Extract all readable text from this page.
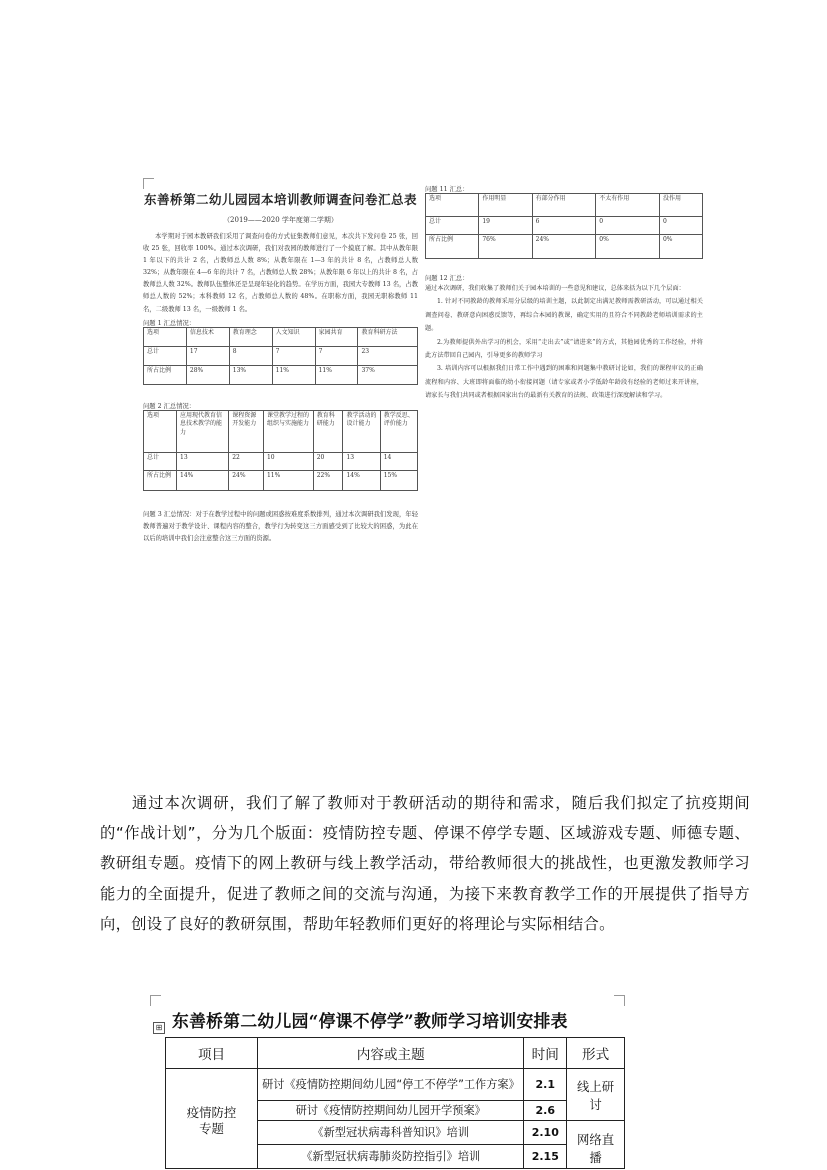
东善桥第二幼儿园园本培训教师调查问卷汇总表
（2019——2020 学年度第二学期）
本学期对于园本教研我们采用了调查问卷的方式征集教师们意见，本次共下发问卷 25 张，回收 25 张，回收率 100%。通过本次调研，我们对我园的教师进行了一个摸底了解。其中从教年限 1 年以下的共计 2 名，占教师总人数 8%；从教年限在 1—3 年的共计 8 名，占教师总人数 32%；从教年限在 4—6 年的共计 7 名，占教师总人数 28%；从教年限 6 年以上的共计 8 名，占教师总人数 32%。教师队伍整体还是呈现年轻化的趋势。在学历方面，我园大专教师 13 名，占教师总人数的 52%；本科教师 12 名，占教师总人数的 48%。在职称方面，我园无职称教师 11 名，二级教师 13 名，一级教师 1 名。
问题 1 汇总情况：
选项	信息技术	教育理念	人文知识	家园共育	教育科研方法
总计	17	8	7	7	23
所占比例	28%	13%	11%	11%	37%
问题 2 汇总情况：
选项	应用现代教育信息技术教学的能力	课程资源开发能力	课堂教学过程的组织与实施能力	教育科研能力	教学活动的设计能力	教学反思、评价能力
总计	13	22	10	20	13	14
所占比例	14%	24%	11%	22%	14%	15%
问题 3 汇总情况：对于在教学过程中的问题或困惑按难度系数排列，通过本次调研我们发现，年轻教师普遍对于教学设计、课程内容的整合，教学行为转变这三方面感受到了比较大的困惑，为此在以后的培训中我们会注意整合这三方面的资源。
问题 11 汇总：
选项	作用明显	有部分作用	不太有作用	没作用
总计	19	6	0	0
所占比例	76%	24%	0%	0%
问题 12 汇总：
通过本次调研，我们收集了教师们关于园本培训的一些意见和建议，总体来括为以下几个层面：

1. 针对不同教龄的教师采用分层级的培训主题，以此制定出满足教师需教研活动，可以通过相关调查问卷、教研意向困惑反馈等，再综合本园的教课，确定实用的且符合不同教龄老师培训需求的主题。

2.为教师提供外出学习的机会，采用“走出去”或“请进来”的方式，其他园优秀的工作经验，并将此方法带回自己园内，引导更多的教师学习

3. 培训内容可以根据我们日常工作中遇到的困难和问题集中教研讨论如，我们的课程审议的正确流程和内容、大班即将面临的幼小衔接问题（请专家或者小学低龄年龄段有经验的老师过来开讲座，请家长与我们共同或者根据国家出台的最新有关教育的法规、政策进行深度解读和学习。

通过本次调研，我们了解了教师对于教研活动的期待和需求，随后我们拟定了抗疫期间的“作战计划”，分为几个版面：疫情防控专题、停课不停学专题、区域游戏专题、师德专题、教研组专题。疫情下的网上教研与线上教学活动，带给教师很大的挑战性，也更激发教师学习能力的全面提升，促进了教师之间的交流与沟通，为接下来教育教学工作的开展提供了指导方向，创设了良好的教研氛围，帮助年轻教师们更好的将理论与实际相结合。

⊞ 东善桥第二幼儿园“停课不停学”教师学习培训安排表
项目	内容或主题	时间	形式
疫情防控专题	研讨《疫情防控期间幼儿园“停工不停学”工作方案》	2.1	线上研讨
	研讨《疫情防控期间幼儿园开学预案》	2.6	
	《新型冠状病毒科普知识》培训	2.10	网络直播
	《新型冠状病毒肺炎防控指引》培训	2.15	
